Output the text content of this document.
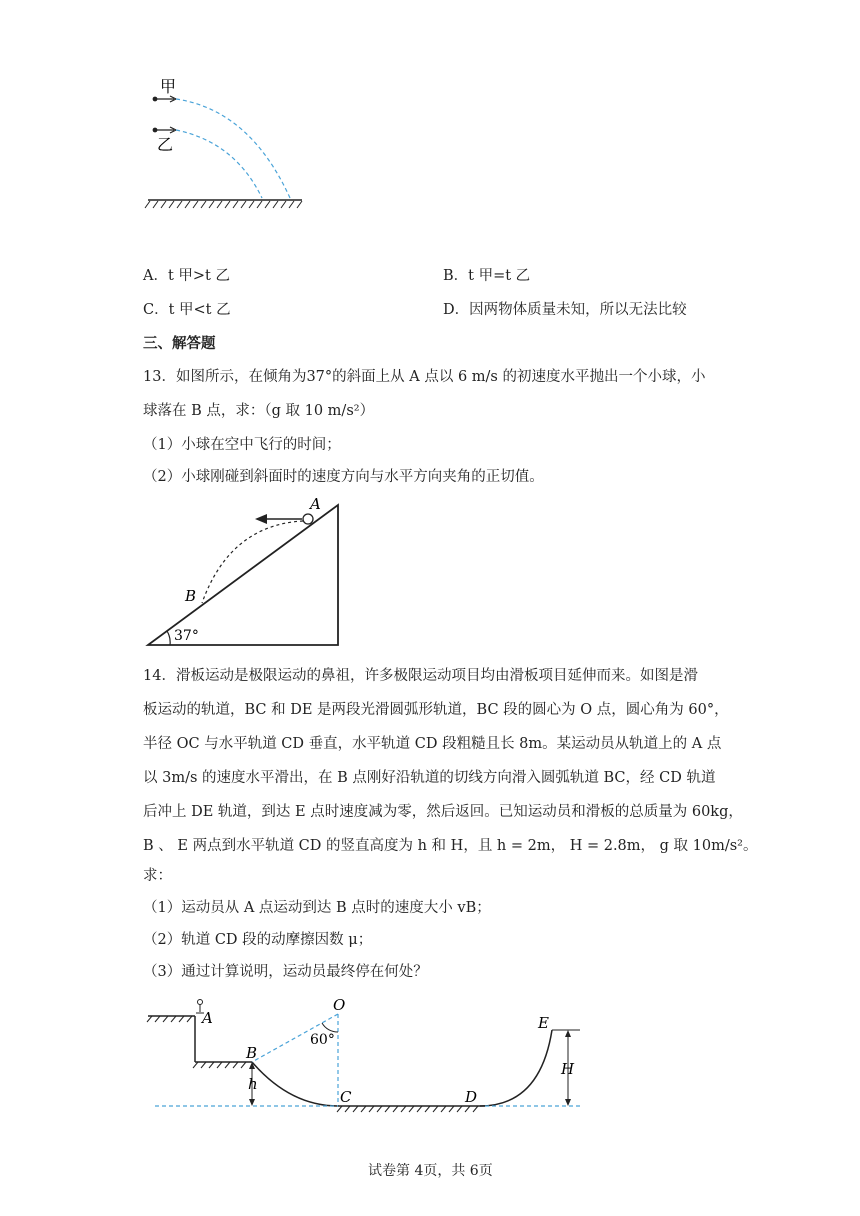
甲
乙
A．t 甲>t 乙	B．t 甲=t 乙
C．t 甲<t 乙	D．因两物体质量未知，所以无法比较
三、解答题
13．如图所示，在倾角为37°的斜面上从 A 点以 6 m/s 的初速度水平抛出一个小球，小
球落在 B 点，求：（g 取 10 m/s²）
（1）小球在空中飞行的时间；
（2）小球刚碰到斜面时的速度方向与水平方向夹角的正切值。
A
B
37°
14．滑板运动是极限运动的鼻祖，许多极限运动项目均由滑板项目延伸而来。如图是滑
板运动的轨道，BC 和 DE 是两段光滑圆弧形轨道，BC 段的圆心为 O 点，圆心角为 60°，
半径 OC 与水平轨道 CD 垂直，水平轨道 CD 段粗糙且长 8m。某运动员从轨道上的 A 点
以 3m/s 的速度水平滑出，在 B 点刚好沿轨道的切线方向滑入圆弧轨道 BC，经 CD 轨道
后冲上 DE 轨道，到达 E 点时速度减为零，然后返回。已知运动员和滑板的总质量为 60kg，
B 、 E 两点到水平轨道 CD 的竖直高度为 h 和 H，且 h = 2m， H = 2.8m， g 取 10m/s²。
求：
（1）运动员从 A 点运动到达 B 点时的速度大小 vB；
（2）轨道 CD 段的动摩擦因数 μ；
（3）通过计算说明，运动员最终停在何处？
A
B
O
60°
h
C	D
E
H
试卷第 4页，共 6页
